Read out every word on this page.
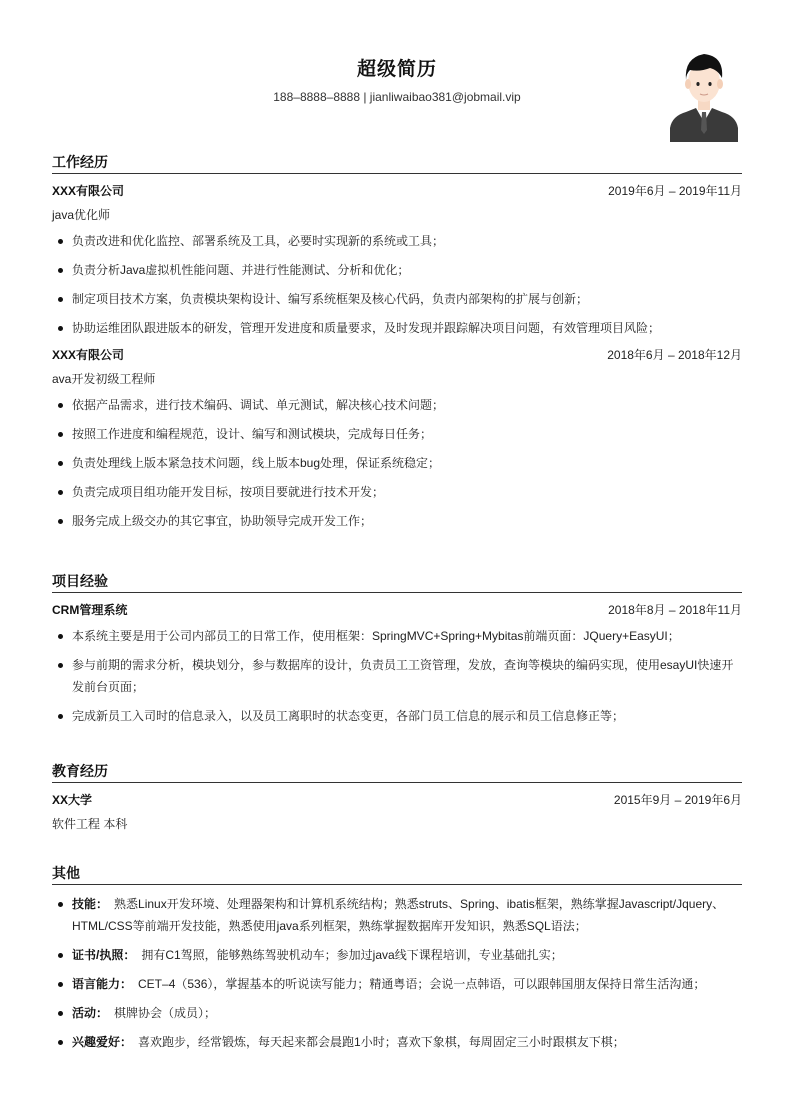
超级简历
188–8888–8888 | jianliwaibao381@jobmail.vip
工作经历
XXX有限公司	2019年6月 – 2019年11月
java优化师
负责改进和优化监控、部署系统及工具，必要时实现新的系统或工具；
负责分析Java虚拟机性能问题、并进行性能测试、分析和优化；
制定项目技术方案，负责模块架构设计、编写系统框架及核心代码，负责内部架构的扩展与创新；
协助运维团队跟进版本的研发，管理开发进度和质量要求，及时发现并跟踪解决项目问题，有效管理项目风险；
XXX有限公司	2018年6月 – 2018年12月
ava开发初级工程师
依据产品需求，进行技术编码、调试、单元测试，解决核心技术问题；
按照工作进度和编程规范，设计、编写和测试模块，完成每日任务；
负责处理线上版本紧急技术问题，线上版本bug处理，保证系统稳定；
负责完成项目组功能开发目标，按项目要就进行技术开发；
服务完成上级交办的其它事宜，协助领导完成开发工作；
项目经验
CRM管理系统	2018年8月 – 2018年11月
本系统主要是用于公司内部员工的日常工作，使用框架：SpringMVC+Spring+Mybitas前端页面：JQuery+EasyUI；
参与前期的需求分析，模块划分，参与数据库的设计，负责员工工资管理，发放，查询等模块的编码实现，使用esayUI快速开发前台页面；
完成新员工入司时的信息录入，以及员工离职时的状态变更，各部门员工信息的展示和员工信息修正等；
教育经历
XX大学	2015年9月 – 2019年6月
软件工程 本科
其他
技能： 熟悉Linux开发环境、处理器架构和计算机系统结构；熟悉struts、Spring、ibatis框架，熟练掌握Javascript/Jquery、HTML/CSS等前端开发技能，熟悉使用java系列框架，熟练掌握数据库开发知识，熟悉SQL语法；
证书/执照： 拥有C1驾照，能够熟练驾驶机动车；参加过java线下课程培训，专业基础扎实；
语言能力： CET–4（536），掌握基本的听说读写能力；精通粤语；会说一点韩语，可以跟韩国朋友保持日常生活沟通；
活动： 棋牌协会（成员）；
兴趣爱好： 喜欢跑步，经常锻炼，每天起来都会晨跑1小时；喜欢下象棋，每周固定三小时跟棋友下棋；
